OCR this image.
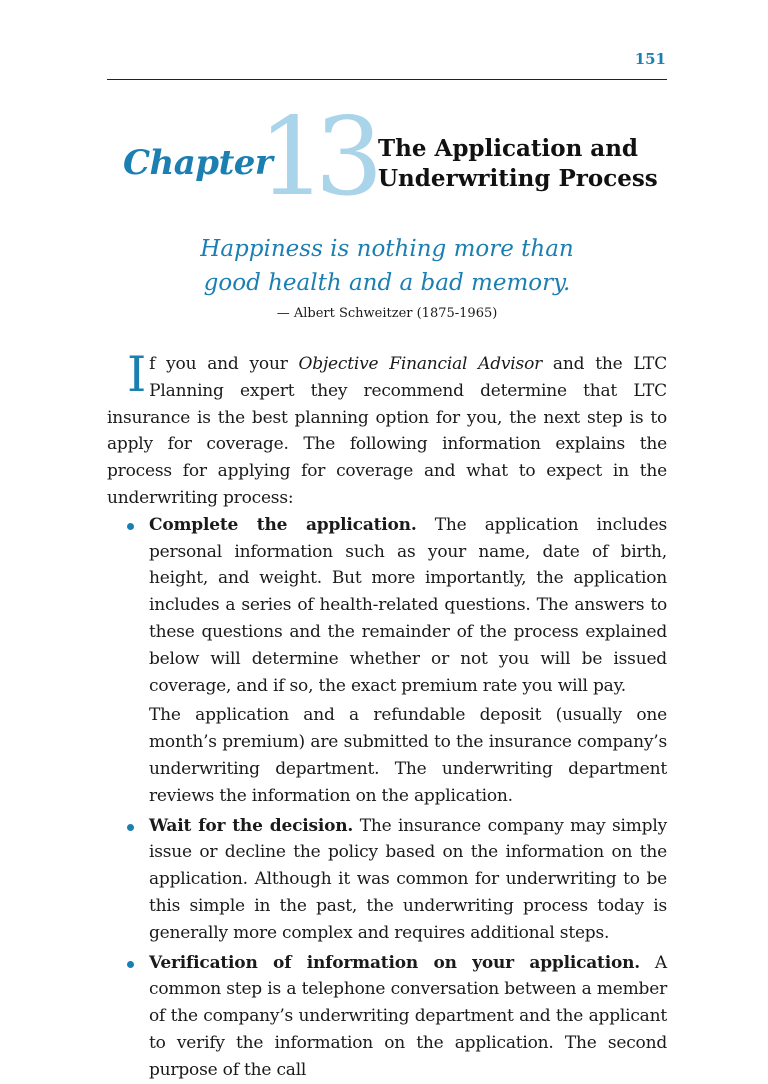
151
Chapter
13 The Application and
Underwriting Process
Happiness is nothing more than
good health and a bad memory.
— Albert Schweitzer (1875-1965)

If you and your Objective Financial Advisor and the LTC Planning expert they recommend determine that LTC insurance is the best planning option for you, the next step is to apply for coverage. The following information explains the process for applying for coverage and what to expect in the underwriting process:

Complete the application. The application includes personal information such as your name, date of birth, height, and weight. But more importantly, the application includes a series of health-related questions. The answers to these questions and the remainder of the process explained below will determine whether or not you will be issued coverage, and if so, the exact premium rate you will pay.

The application and a refundable deposit (usually one month’s premium) are submitted to the insurance company’s underwriting department. The underwriting department reviews the information on the application.

Wait for the decision. The insurance company may simply issue or decline the policy based on the information on the application. Although it was common for underwriting to be this simple in the past, the underwriting process today is generally more complex and requires additional steps.

Verification of information on your application. A common step is a telephone conversation between a member of the company’s underwriting department and the applicant to verify the information on the application. The second purpose of the call
